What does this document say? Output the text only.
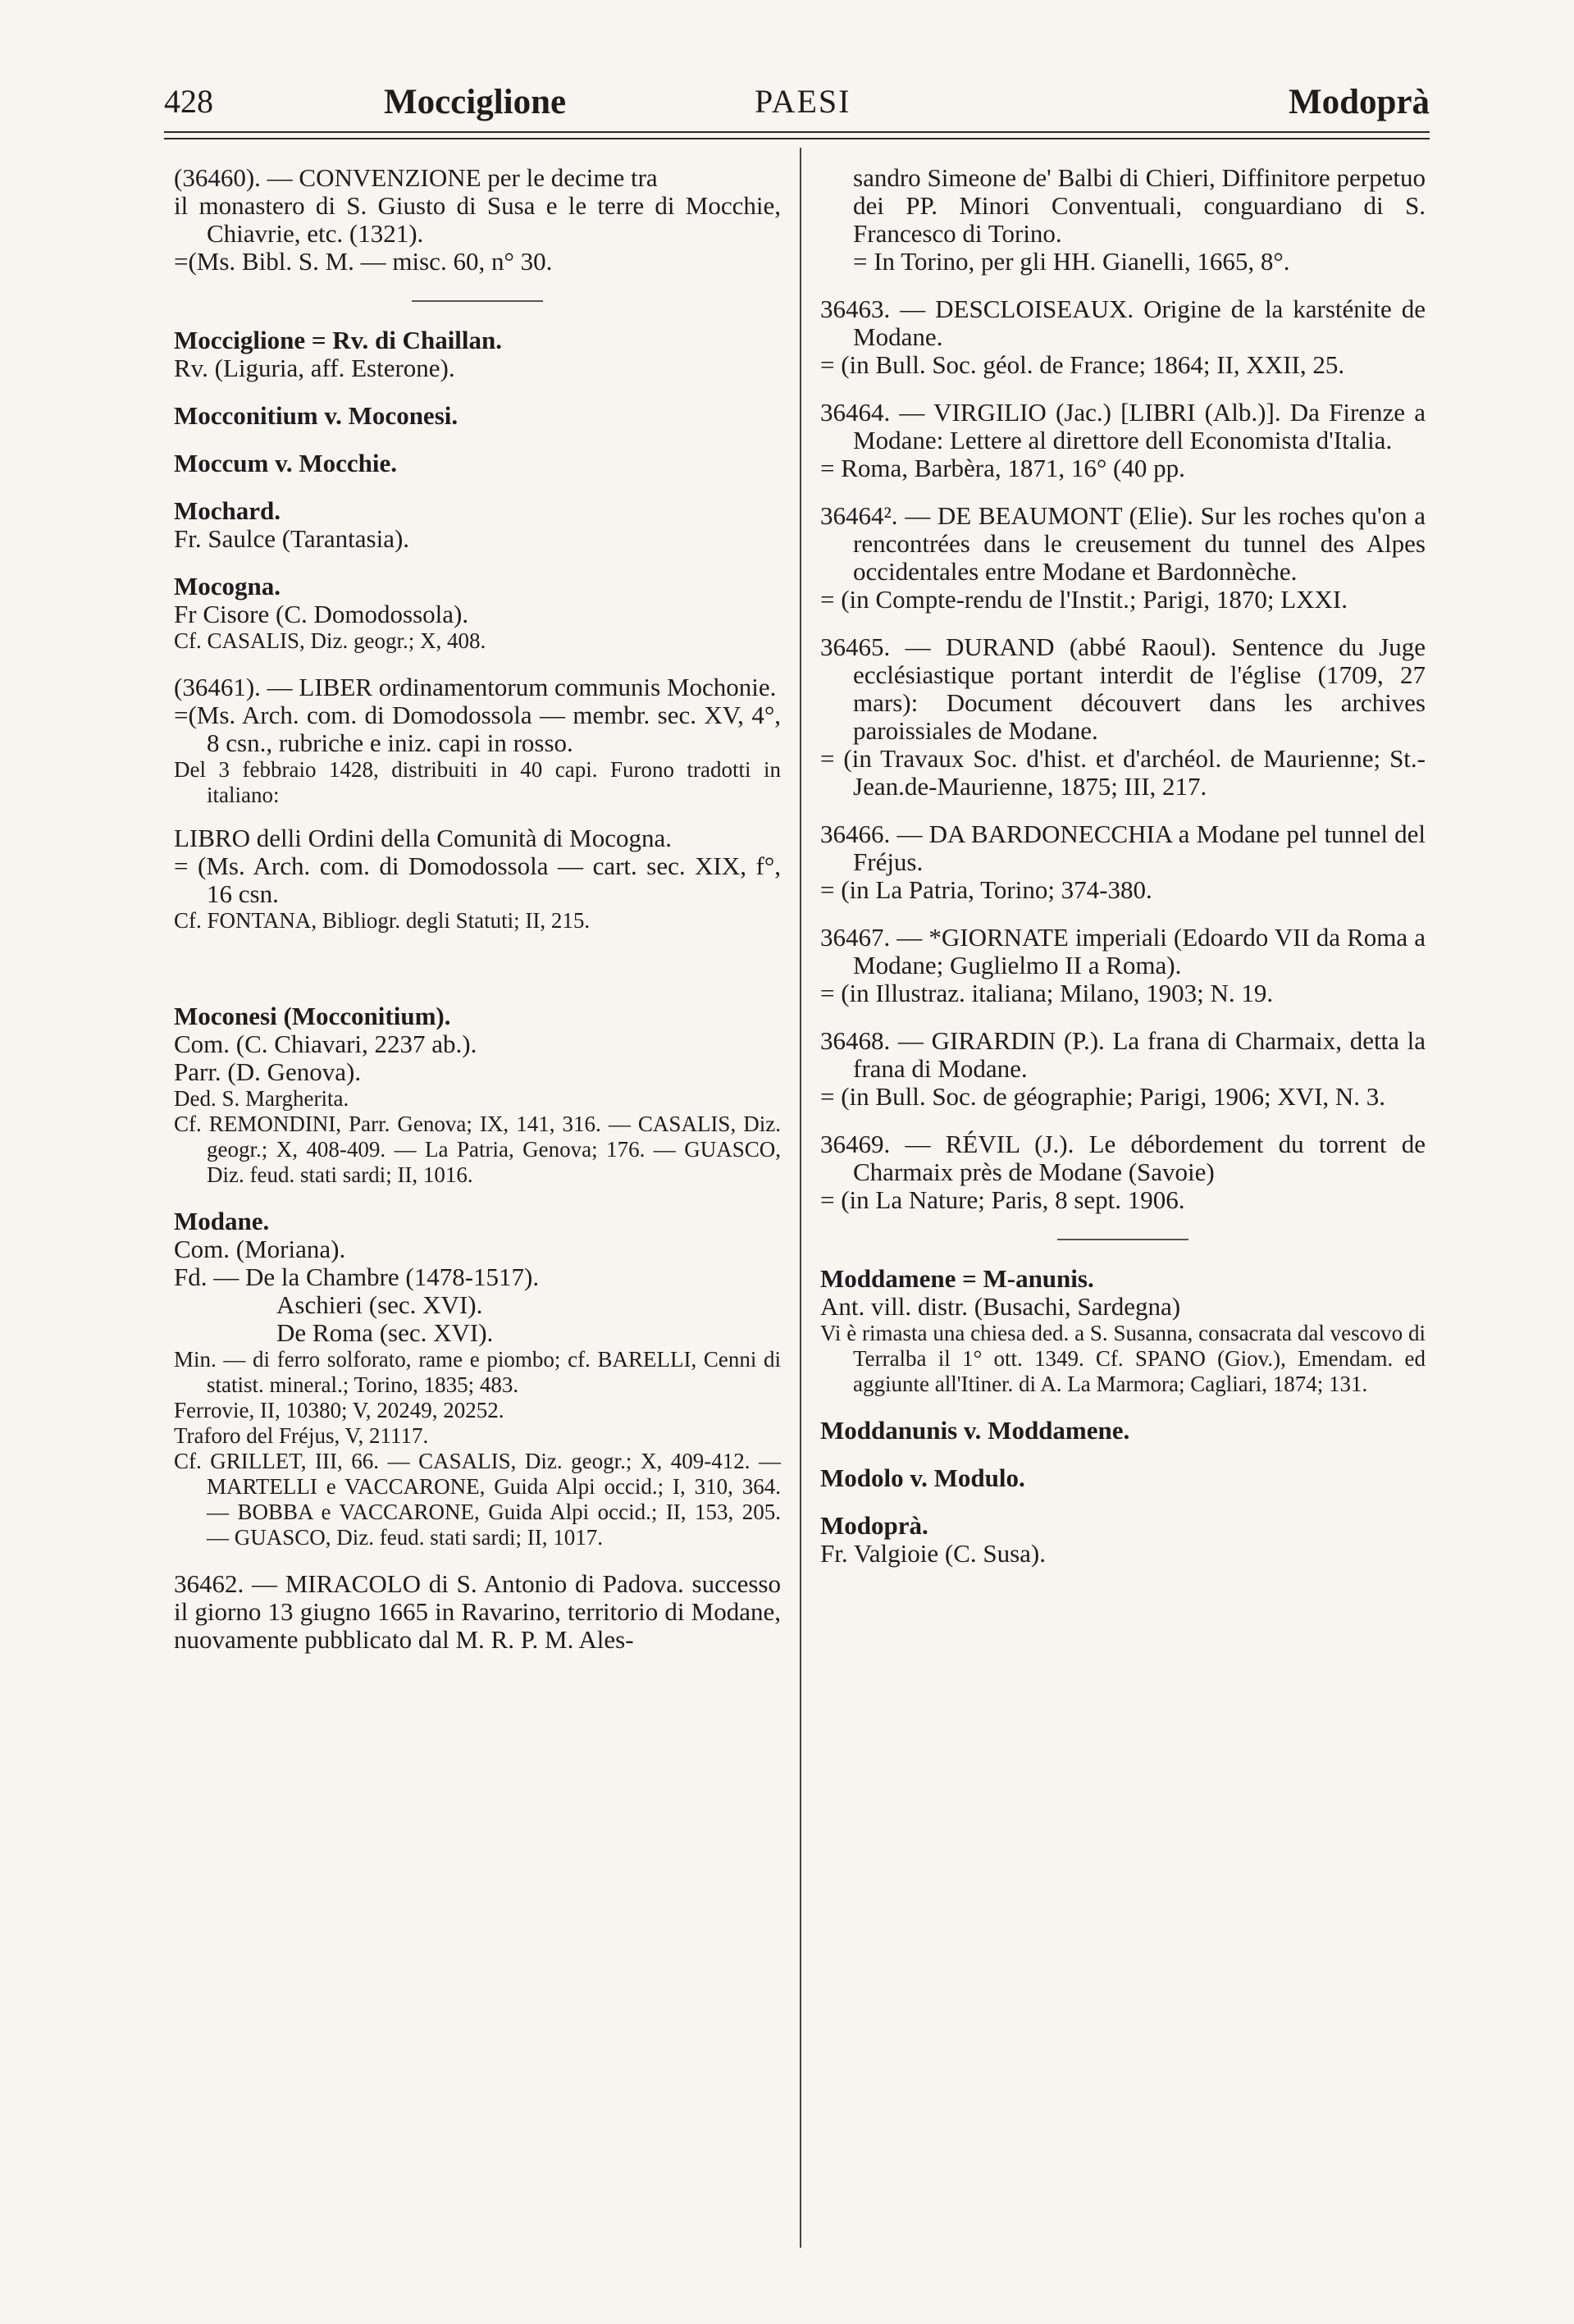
428	Mocciglione	PAESI	Modoprà
(36460). — CONVENZIONE per le decime tra
il monastero di S. Giusto di Susa e le terre di Mocchie, Chiavrie, etc. (1321).
=(Ms. Bibl. S. M. — misc. 60, n° 30.
Mocciglione = Rv. di Chaillan.
Rv. (Liguria, aff. Esterone).
Mocconitium v. Moconesi.
Moccum v. Mocchie.
Mochard.
Fr. Saulce (Tarantasia).
Mocogna.
Fr Cisore (C. Domodossola).
Cf. CASALIS, Diz. geogr.; X, 408.
(36461). — LIBER ordinamentorum communis Mochonie.
=(Ms. Arch. com. di Domodossola — membr. sec. XV, 4°, 8 csn., rubriche e iniz. capi in rosso.
Del 3 febbraio 1428, distribuiti in 40 capi. Furono tradotti in italiano:
LIBRO delli Ordini della Comunità di Mocogna.
= (Ms. Arch. com. di Domodossola — cart. sec. XIX, f°, 16 csn.
Cf. FONTANA, Bibliogr. degli Statuti; II, 215.
Moconesi (Mocconitium).
Com. (C. Chiavari, 2237 ab.).
Parr. (D. Genova).
Ded. S. Margherita.
Cf. REMONDINI, Parr. Genova; IX, 141, 316. — CASALIS, Diz. geogr.; X, 408-409. — La Patria, Genova; 176. — GUASCO, Diz. feud. stati sardi; II, 1016.
Modane.
Com. (Moriana).
Fd. — De la Chambre (1478-1517).
Aschieri (sec. XVI).
De Roma (sec. XVI).
Min. — di ferro solforato, rame e piombo; cf. BARELLI, Cenni di statist. mineral.; Torino, 1835; 483.
Ferrovie, II, 10380; V, 20249, 20252.
Traforo del Fréjus, V, 21117.
Cf. GRILLET, III, 66. — CASALIS, Diz. geogr.; X, 409-412. — MARTELLI e VACCARONE, Guida Alpi occid.; I, 310, 364. — BOBBA e VACCARONE, Guida Alpi occid.; II, 153, 205. — GUASCO, Diz. feud. stati sardi; II, 1017.
36462. — MIRACOLO di S. Antonio di Padova. successo il giorno 13 giugno 1665 in Ravarino, territorio di Modane, nuovamente pubblicato dal M. R. P. M. Ales-
sandro Simeone de' Balbi di Chieri, Diffinitore perpetuo dei PP. Minori Conventuali, conguardiano di S. Francesco di Torino.
= In Torino, per gli HH. Gianelli, 1665, 8°.
36463. — DESCLOISEAUX. Origine de la karsténite de Modane.
= (in Bull. Soc. géol. de France; 1864; II, XXII, 25.
36464. — VIRGILIO (Jac.) [LIBRI (Alb.)]. Da Firenze a Modane: Lettere al direttore dell Economista d'Italia.
= Roma, Barbèra, 1871, 16° (40 pp.
36464². — DE BEAUMONT (Elie). Sur les roches qu'on a rencontrées dans le creusement du tunnel des Alpes occidentales entre Modane et Bardonnèche.
= (in Compte-rendu de l'Instit.; Parigi, 1870; LXXI.
36465. — DURAND (abbé Raoul). Sentence du Juge ecclésiastique portant interdit de l'église (1709, 27 mars): Document découvert dans les archives paroissiales de Modane.
= (in Travaux Soc. d'hist. et d'archéol. de Maurienne; St.-Jean.de-Maurienne, 1875; III, 217.
36466. — DA BARDONECCHIA a Modane pel tunnel del Fréjus.
= (in La Patria, Torino; 374-380.
36467. — *GIORNATE imperiali (Edoardo VII da Roma a Modane; Guglielmo II a Roma).
= (in Illustraz. italiana; Milano, 1903; N. 19.
36468. — GIRARDIN (P.). La frana di Charmaix, detta la frana di Modane.
= (in Bull. Soc. de géographie; Parigi, 1906; XVI, N. 3.
36469. — RÉVIL (J.). Le débordement du torrent de Charmaix près de Modane (Savoie)
= (in La Nature; Paris, 8 sept. 1906.
Moddamene = M-anunis.
Ant. vill. distr. (Busachi, Sardegna)
Vi è rimasta una chiesa ded. a S. Susanna, consacrata dal vescovo di Terralba il 1° ott. 1349. Cf. SPANO (Giov.), Emendam. ed aggiunte all'Itiner. di A. La Marmora; Cagliari, 1874; 131.
Moddanunis v. Moddamene.
Modolo v. Modulo.
Modoprà.
Fr. Valgioie (C. Susa).
